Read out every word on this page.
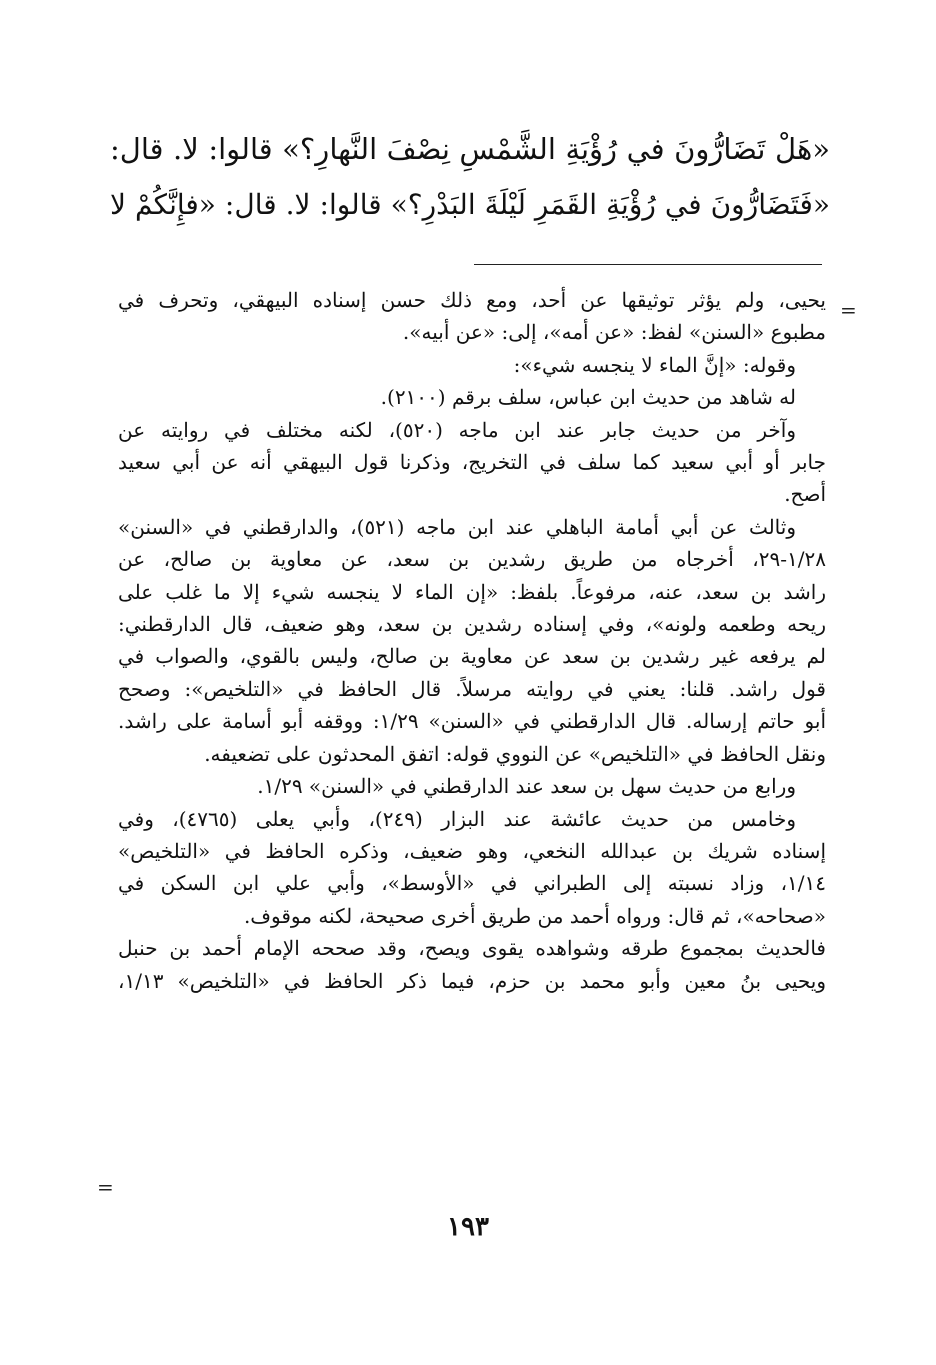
«هَلْ تَضَارُّونَ في رُؤْيَةِ الشَّمْسِ نِصْفَ النَّهارِ؟» قالوا: لا. قال:
«فَتَضَارُّونَ في رُؤْيَةِ القَمَرِ لَيْلَةَ البَدْرِ؟» قالوا: لا. قال: «فإِنَّكُمْ لا
=
يحيى، ولم يؤثر توثيقها عن أحد، ومع ذلك حسن إسناده البيهقي، وتحرف في
مطبوع «السنن» لفظ: «عن أمه»، إلى: «عن أبيه».
وقوله: «إنَّ الماء لا ينجسه شيء»:
له شاهد من حديث ابن عباس، سلف برقم (٢١٠٠).
وآخر من حديث جابر عند ابن ماجه (٥٢٠)، لكنه مختلف في روايته عن
جابر أو أبي سعيد كما سلف في التخريج، وذكرنا قول البيهقي أنه عن أبي سعيد
أصح.
وثالث عن أبي أمامة الباهلي عند ابن ماجه (٥٢١)، والدارقطني في «السنن»
١/٢٨-٢٩، أخرجاه من طريق رشدين بن سعد، عن معاوية بن صالح، عن
راشد بن سعد، عنه، مرفوعاً. بلفظ: «إن الماء لا ينجسه شيء إلا ما غلب على
ريحه وطعمه ولونه»، وفي إسناده رشدين بن سعد، وهو ضعيف، قال الدارقطني:
لم يرفعه غير رشدين بن سعد عن معاوية بن صالح، وليس بالقوي، والصواب في
قول راشد. قلنا: يعني في روايته مرسلاً. قال الحافظ في «التلخيص»: وصحح
أبو حاتم إرساله. قال الدارقطني في «السنن» ١/٢٩: ووقفه أبو أسامة على راشد.
ونقل الحافظ في «التلخيص» عن النووي قوله: اتفق المحدثون على تضعيفه.
ورابع من حديث سهل بن سعد عند الدارقطني في «السنن» ١/٢٩.
وخامس من حديث عائشة عند البزار (٢٤٩)، وأبي يعلى (٤٧٦٥)، وفي
إسناده شريك بن عبدالله النخعي، وهو ضعيف، وذكره الحافظ في «التلخيص»
١/١٤، وزاد نسبته إلى الطبراني في «الأوسط»، وأبي علي ابن السكن في
«صحاحه»، ثم قال: ورواه أحمد من طريق أخرى صحيحة، لكنه موقوف.
فالحديث بمجموع طرقه وشواهده يقوى ويصح، وقد صححه الإمام أحمد بن حنبل
ويحيى بنُ معين وأبو محمد بن حزم، فيما ذكر الحافظ في «التلخيص» ١/١٣،
=
١٩٣
